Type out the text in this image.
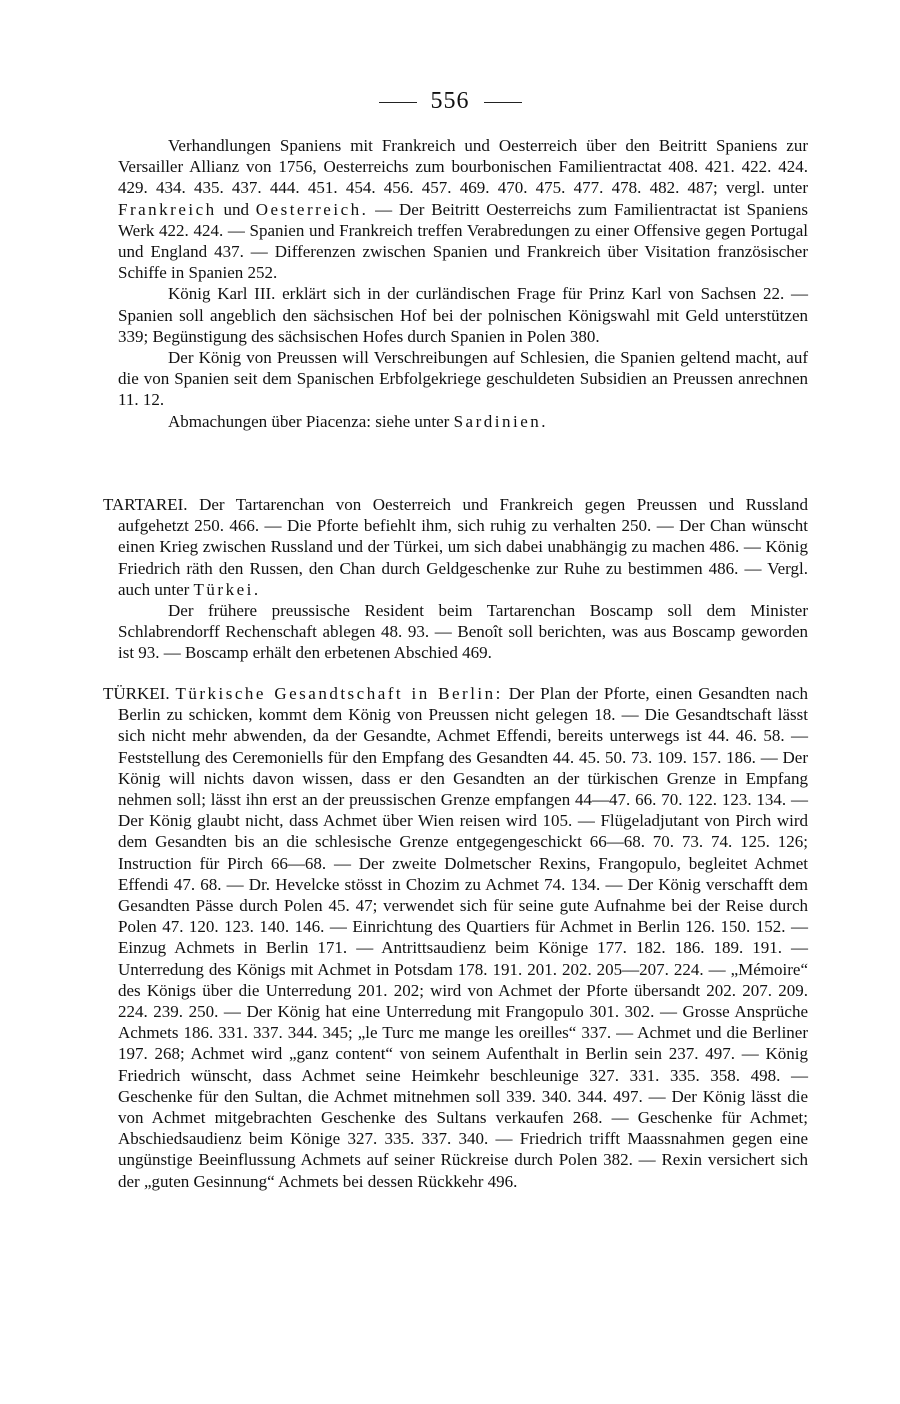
556

Verhandlungen Spaniens mit Frankreich und Oesterreich über den Beitritt Spaniens zur Versailler Allianz von 1756, Oesterreichs zum bourbonischen Familientractat 408. 421. 422. 424. 429. 434. 435. 437. 444. 451. 454. 456. 457. 469. 470. 475. 477. 478. 482. 487; vergl. unter Frankreich und Oesterreich. — Der Beitritt Oesterreichs zum Familientractat ist Spaniens Werk 422. 424. — Spanien und Frankreich treffen Verabredungen zu einer Offensive gegen Portugal und England 437. — Differenzen zwischen Spanien und Frankreich über Visitation französischer Schiffe in Spanien 252.

König Karl III. erklärt sich in der curländischen Frage für Prinz Karl von Sachsen 22. — Spanien soll angeblich den sächsischen Hof bei der polnischen Königswahl mit Geld unterstützen 339; Begünstigung des sächsischen Hofes durch Spanien in Polen 380.

Der König von Preussen will Verschreibungen auf Schlesien, die Spanien geltend macht, auf die von Spanien seit dem Spanischen Erbfolgekriege geschuldeten Subsidien an Preussen anrechnen 11. 12.

Abmachungen über Piacenza: siehe unter Sardinien.

TARTAREI. Der Tartarenchan von Oesterreich und Frankreich gegen Preussen und Russland aufgehetzt 250. 466. — Die Pforte befiehlt ihm, sich ruhig zu verhalten 250. — Der Chan wünscht einen Krieg zwischen Russland und der Türkei, um sich dabei unabhängig zu machen 486. — König Friedrich räth den Russen, den Chan durch Geldgeschenke zur Ruhe zu bestimmen 486. — Vergl. auch unter Türkei.

Der frühere preussische Resident beim Tartarenchan Boscamp soll dem Minister Schlabrendorff Rechenschaft ablegen 48. 93. — Benoît soll berichten, was aus Boscamp geworden ist 93. — Boscamp erhält den erbetenen Abschied 469.

TÜRKEI. Türkische Gesandtschaft in Berlin: Der Plan der Pforte, einen Gesandten nach Berlin zu schicken, kommt dem König von Preussen nicht gelegen 18. — Die Gesandtschaft lässt sich nicht mehr abwenden, da der Gesandte, Achmet Effendi, bereits unterwegs ist 44. 46. 58. — Feststellung des Ceremoniells für den Empfang des Gesandten 44. 45. 50. 73. 109. 157. 186. — Der König will nichts davon wissen, dass er den Gesandten an der türkischen Grenze in Empfang nehmen soll; lässt ihn erst an der preussischen Grenze empfangen 44—47. 66. 70. 122. 123. 134. — Der König glaubt nicht, dass Achmet über Wien reisen wird 105. — Flügeladjutant von Pirch wird dem Gesandten bis an die schlesische Grenze entgegengeschickt 66—68. 70. 73. 74. 125. 126; Instruction für Pirch 66—68. — Der zweite Dolmetscher Rexins, Frangopulo, begleitet Achmet Effendi 47. 68. — Dr. Hevelcke stösst in Chozim zu Achmet 74. 134. — Der König verschafft dem Gesandten Pässe durch Polen 45. 47; verwendet sich für seine gute Aufnahme bei der Reise durch Polen 47. 120. 123. 140. 146. — Einrichtung des Quartiers für Achmet in Berlin 126. 150. 152. — Einzug Achmets in Berlin 171. — Antrittsaudienz beim Könige 177. 182. 186. 189. 191. — Unterredung des Königs mit Achmet in Potsdam 178. 191. 201. 202. 205—207. 224. — „Mémoire“ des Königs über die Unterredung 201. 202; wird von Achmet der Pforte übersandt 202. 207. 209. 224. 239. 250. — Der König hat eine Unterredung mit Frangopulo 301. 302. — Grosse Ansprüche Achmets 186. 331. 337. 344. 345; „le Turc me mange les oreilles“ 337. — Achmet und die Berliner 197. 268; Achmet wird „ganz content“ von seinem Aufenthalt in Berlin sein 237. 497. — König Friedrich wünscht, dass Achmet seine Heimkehr beschleunige 327. 331. 335. 358. 498. — Geschenke für den Sultan, die Achmet mitnehmen soll 339. 340. 344. 497. — Der König lässt die von Achmet mitgebrachten Geschenke des Sultans verkaufen 268. — Geschenke für Achmet; Abschiedsaudienz beim Könige 327. 335. 337. 340. — Friedrich trifft Maassnahmen gegen eine ungünstige Beeinflussung Achmets auf seiner Rückreise durch Polen 382. — Rexin versichert sich der „guten Gesinnung“ Achmets bei dessen Rückkehr 496.
